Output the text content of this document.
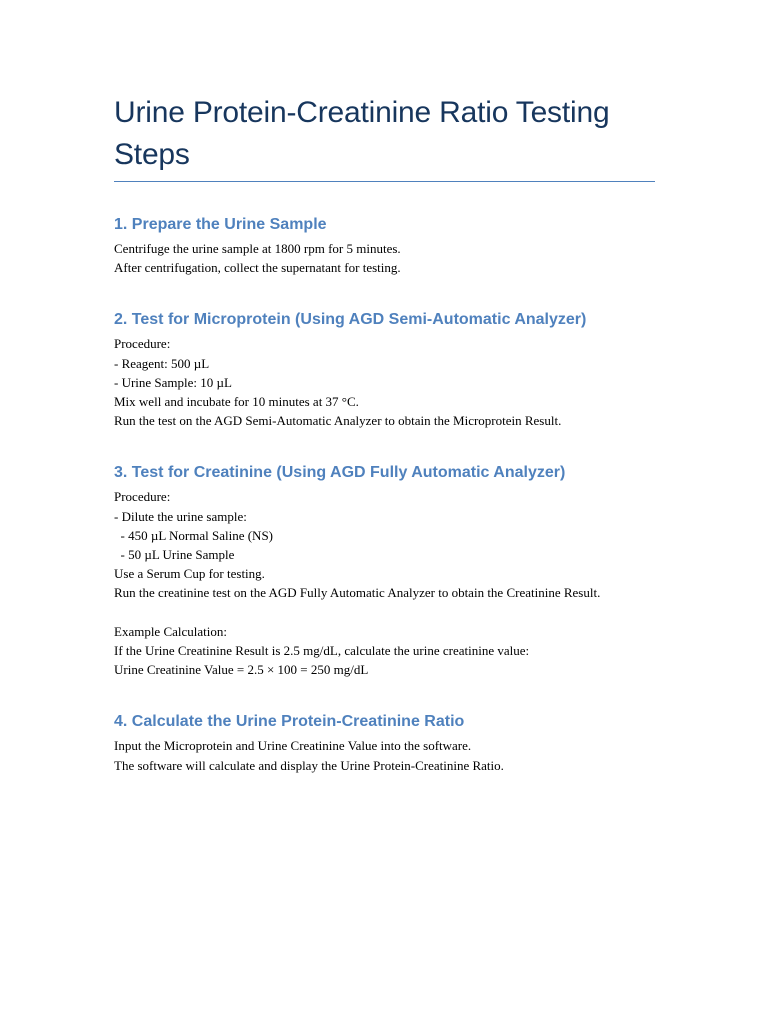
Urine Protein-Creatinine Ratio Testing Steps
1. Prepare the Urine Sample

Centrifuge the urine sample at 1800 rpm for 5 minutes.

After centrifugation, collect the supernatant for testing.

2. Test for Microprotein (Using AGD Semi-Automatic Analyzer)

Procedure:

- Reagent: 500 µL

- Urine Sample: 10 µL

Mix well and incubate for 10 minutes at 37 °C.

Run the test on the AGD Semi-Automatic Analyzer to obtain the Microprotein Result.

3. Test for Creatinine (Using AGD Fully Automatic Analyzer)

Procedure:

- Dilute the urine sample:

- 450 µL Normal Saline (NS)

- 50 µL Urine Sample

Use a Serum Cup for testing.

Run the creatinine test on the AGD Fully Automatic Analyzer to obtain the Creatinine Result.

Example Calculation:

If the Urine Creatinine Result is 2.5 mg/dL, calculate the urine creatinine value:

Urine Creatinine Value = 2.5 × 100 = 250 mg/dL

4. Calculate the Urine Protein-Creatinine Ratio

Input the Microprotein and Urine Creatinine Value into the software.

The software will calculate and display the Urine Protein-Creatinine Ratio.
